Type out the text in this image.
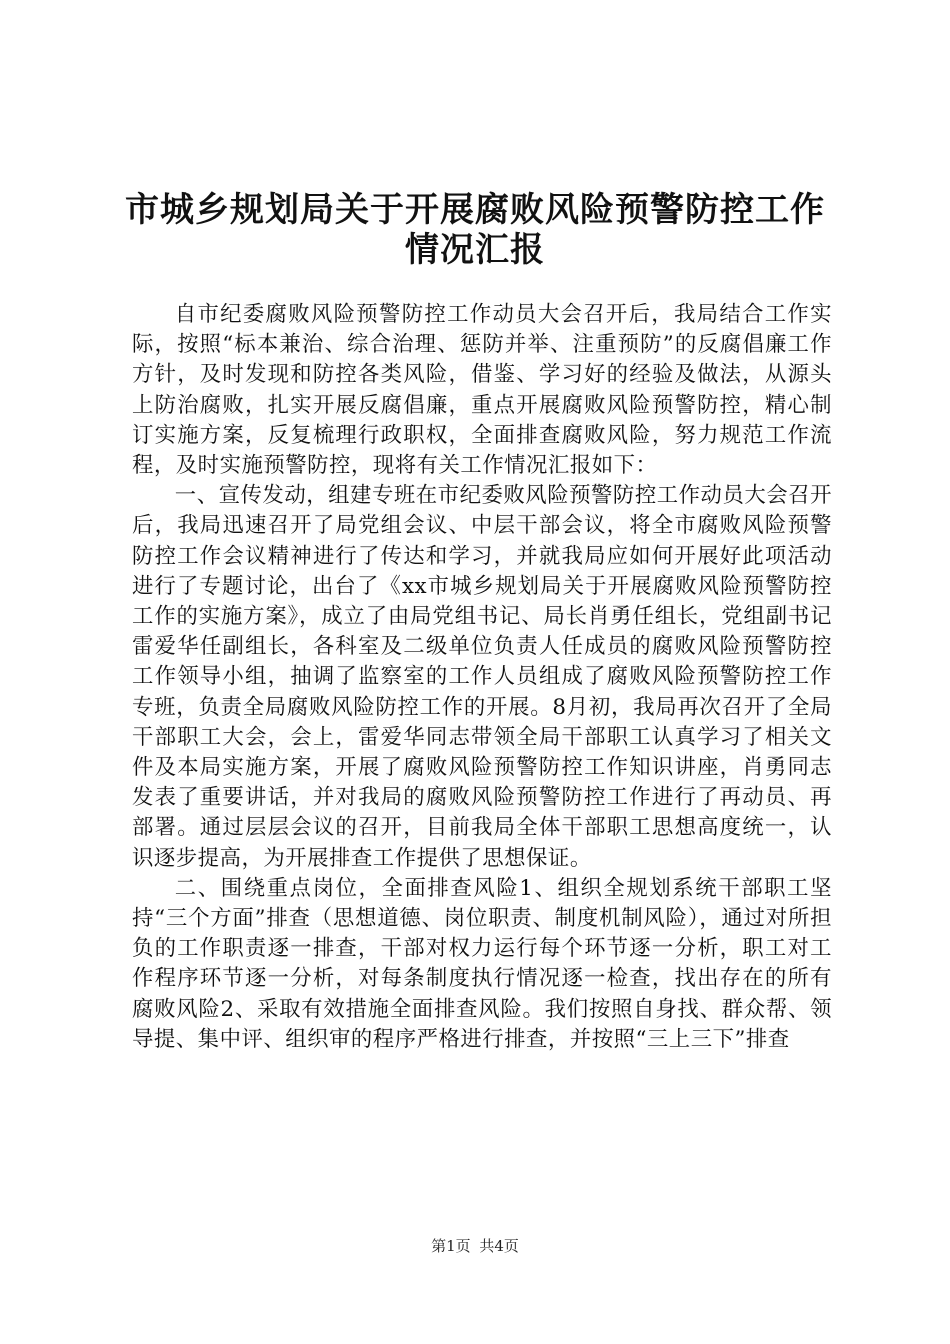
市城乡规划局关于开展腐败风险预警防控工作
情况汇报

自市纪委腐败风险预警防控工作动员大会召开后，我局结合工作实际，按照“标本兼治、综合治理、惩防并举、注重预防”的反腐倡廉工作方针，及时发现和防控各类风险，借鉴、学习好的经验及做法，从源头上防治腐败，扎实开展反腐倡廉，重点开展腐败风险预警防控，精心制订实施方案，反复梳理行政职权，全面排查腐败风险，努力规范工作流程，及时实施预警防控，现将有关工作情况汇报如下：

一、宣传发动，组建专班在市纪委败风险预警防控工作动员大会召开后，我局迅速召开了局党组会议、中层干部会议，将全市腐败风险预警防控工作会议精神进行了传达和学习，并就我局应如何开展好此项活动进行了专题讨论，出台了《xx市城乡规划局关于开展腐败风险预警防控工作的实施方案》，成立了由局党组书记、局长肖勇任组长，党组副书记雷爱华任副组长，各科室及二级单位负责人任成员的腐败风险预警防控工作领导小组，抽调了监察室的工作人员组成了腐败风险预警防控工作专班，负责全局腐败风险防控工作的开展。8月初，我局再次召开了全局干部职工大会，会上，雷爱华同志带领全局干部职工认真学习了相关文件及本局实施方案，开展了腐败风险预警防控工作知识讲座，肖勇同志发表了重要讲话，并对我局的腐败风险预警防控工作进行了再动员、再部署。通过层层会议的召开，目前我局全体干部职工思想高度统一，认识逐步提高，为开展排查工作提供了思想保证。

二、围绕重点岗位，全面排查风险1、组织全规划系统干部职工坚持“三个方面”排查（思想道德、岗位职责、制度机制风险），通过对所担负的工作职责逐一排查，干部对权力运行每个环节逐一分析，职工对工作程序环节逐一分析，对每条制度执行情况逐一检查，找出存在的所有腐败风险2、采取有效措施全面排查风险。我们按照自身找、群众帮、领导提、集中评、组织审的程序严格进行排查，并按照“三上三下”排查

第1页 共4页
